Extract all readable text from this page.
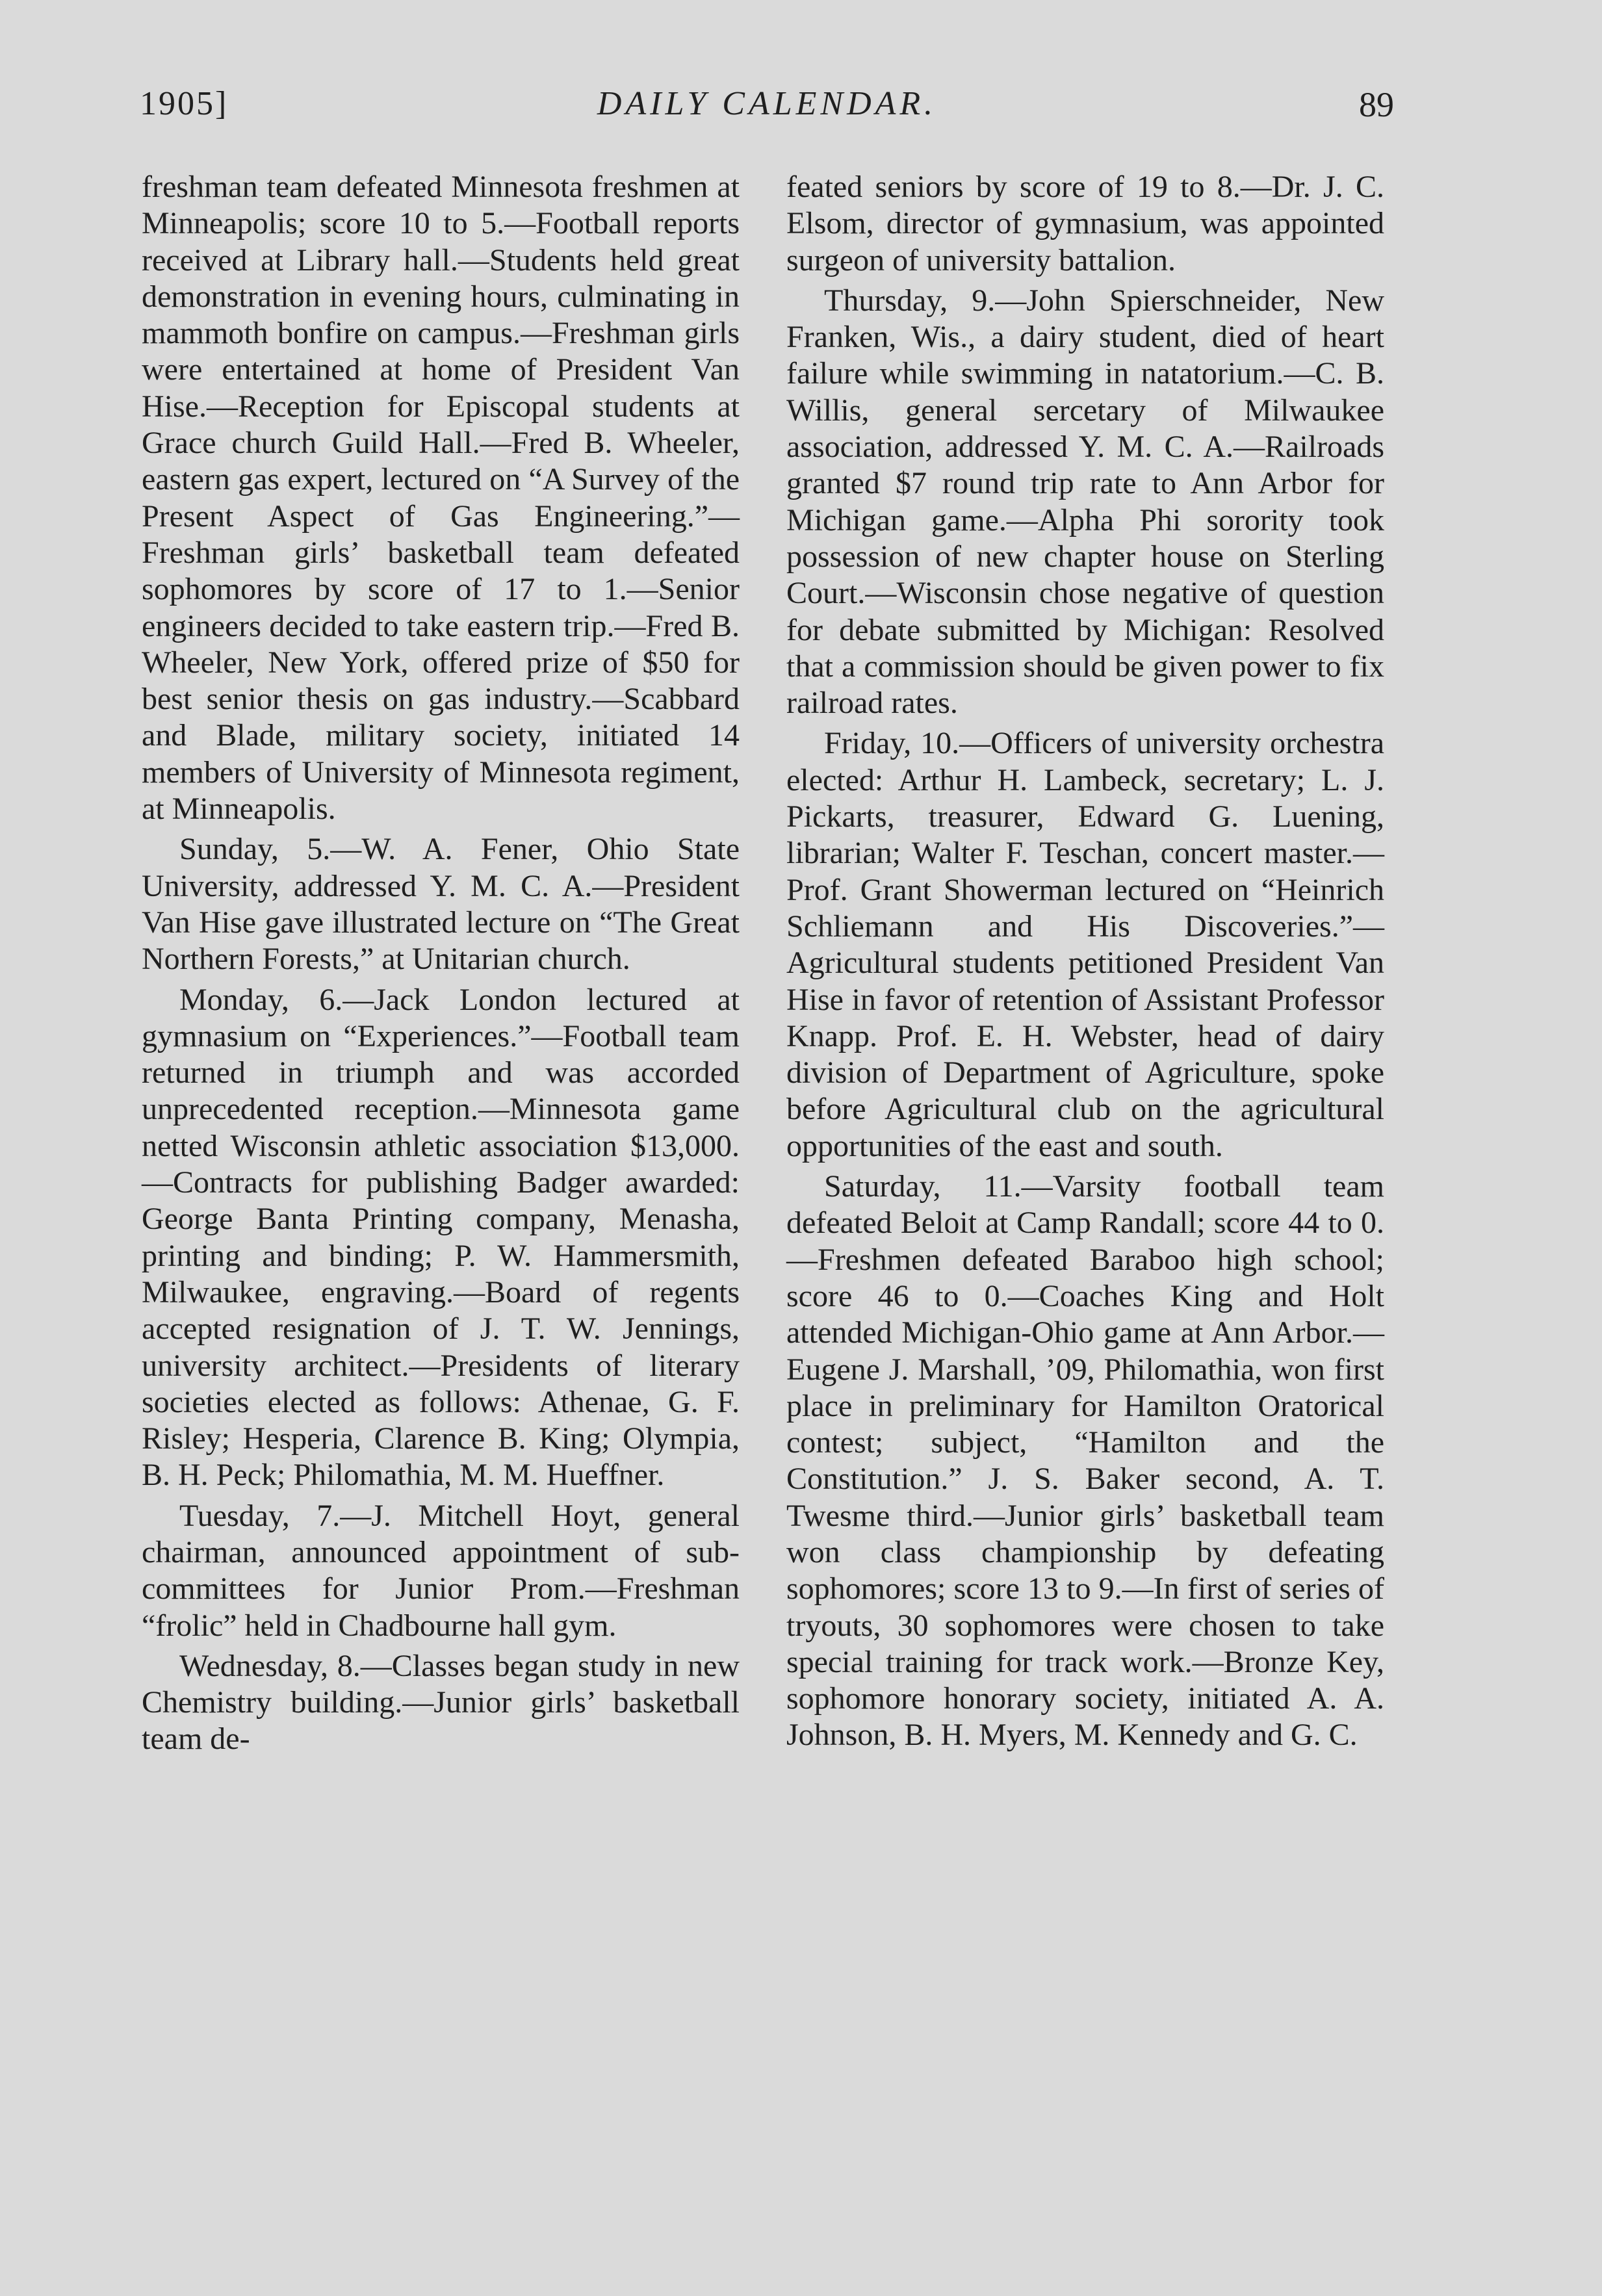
1905]	DAILY CALENDAR.	89

freshman team defeated Minnesota freshmen at Minneapolis; score 10 to 5.—Football reports received at Library hall.—Students held great demonstration in evening hours, culminating in mammoth bonfire on campus.—Freshman girls were entertained at home of President Van Hise.—Reception for Episcopal students at Grace church Guild Hall.—Fred B. Wheeler, eastern gas expert, lectured on “A Survey of the Present Aspect of Gas Engineering.”—Freshman girls’ basketball team defeated sophomores by score of 17 to 1.—Senior engineers decided to take eastern trip.—Fred B. Wheeler, New York, offered prize of $50 for best senior thesis on gas industry.—Scabbard and Blade, military society, initiated 14 members of University of Minnesota regiment, at Minneapolis.

Sunday, 5.—W. A. Fener, Ohio State University, addressed Y. M. C. A.—President Van Hise gave illustrated lecture on “The Great Northern Forests,” at Unitarian church.

Monday, 6.—Jack London lectured at gymnasium on “Experiences.”—Football team returned in triumph and was accorded unprecedented reception.—Minnesota game netted Wisconsin athletic association $13,000.—Contracts for publishing Badger awarded: George Banta Printing company, Menasha, printing and binding; P. W. Hammersmith, Milwaukee, engraving.—Board of regents accepted resignation of J. T. W. Jennings, university architect.—Presidents of literary societies elected as follows: Athenae, G. F. Risley; Hesperia, Clarence B. King; Olympia, B. H. Peck; Philomathia, M. M. Hueffner.

Tuesday, 7.—J. Mitchell Hoyt, general chairman, announced appointment of sub-committees for Junior Prom.—Freshman “frolic” held in Chadbourne hall gym.

Wednesday, 8.—Classes began study in new Chemistry building.—Junior girls’ basketball team de-

feated seniors by score of 19 to 8.—Dr. J. C. Elsom, director of gymnasium, was appointed surgeon of university battalion.

Thursday, 9.—John Spierschneider, New Franken, Wis., a dairy student, died of heart failure while swimming in natatorium.—C. B. Willis, general sercetary of Milwaukee association, addressed Y. M. C. A.—Railroads granted $7 round trip rate to Ann Arbor for Michigan game.—Alpha Phi sorority took possession of new chapter house on Sterling Court.—Wisconsin chose negative of question for debate submitted by Michigan: Resolved that a commission should be given power to fix railroad rates.

Friday, 10.—Officers of university orchestra elected: Arthur H. Lambeck, secretary; L. J. Pickarts, treasurer, Edward G. Luening, librarian; Walter F. Teschan, concert master.—Prof. Grant Showerman lectured on “Heinrich Schliemann and His Discoveries.”—Agricultural students petitioned President Van Hise in favor of retention of Assistant Professor Knapp. Prof. E. H. Webster, head of dairy division of Department of Agriculture, spoke before Agricultural club on the agricultural opportunities of the east and south.

Saturday, 11.—Varsity football team defeated Beloit at Camp Randall; score 44 to 0.—Freshmen defeated Baraboo high school; score 46 to 0.—Coaches King and Holt attended Michigan-Ohio game at Ann Arbor.—Eugene J. Marshall, ’09, Philomathia, won first place in preliminary for Hamilton Oratorical contest; subject, “Hamilton and the Constitution.” J. S. Baker second, A. T. Twesme third.—Junior girls’ basketball team won class championship by defeating sophomores; score 13 to 9.—In first of series of tryouts, 30 sophomores were chosen to take special training for track work.—Bronze Key, sophomore honorary society, initiated A. A. Johnson, B. H. Myers, M. Kennedy and G. C.
